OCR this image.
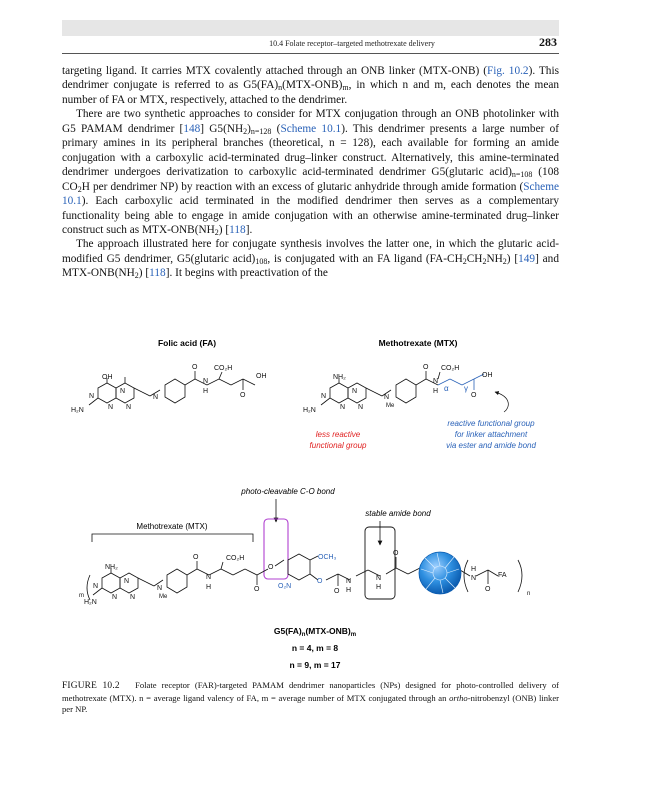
10.4 Folate receptor–targeted methotrexate delivery	283

targeting ligand. It carries MTX covalently attached through an ONB linker (MTX-ONB) (Fig. 10.2). This dendrimer conjugate is referred to as $G5(FA)_n(MTX-ONB)_m$, in which n and m, each denotes the mean number of FA or MTX, respectively, attached to the dendrimer.

There are two synthetic approaches to consider for MTX conjugation through an ONB photolinker with G5 PAMAM dendrimer [148] $G5(NH_2)_{n=128}$ (Scheme 10.1). This dendrimer presents a large number of primary amines in its peripheral branches (theoretical, n = 128), each available for forming an amide conjugation with a carboxylic acid-terminated drug–linker construct. Alternatively, this amine-terminated dendrimer undergoes derivatization to carboxylic acid-terminated dendrimer G5(glutaric $acid)_{n=108}$ (108 $CO_2H$ per dendrimer NP) by reaction with an excess of glutaric anhydride through amide formation (Scheme 10.1). Each carboxylic acid terminated in the modified dendrimer then serves as a complementary functionality being able to engage in amide conjugation with an otherwise amine-terminated drug–linker construct such as MTX-$ONB(NH_2)$ [118].

The approach illustrated here for conjugate synthesis involves the latter one, in which the glutaric acid-modified G5 dendrimer, G5(glutaric $acid)_{108}$, is conjugated with an FA ligand $(FA-CH_2CH_2NH_2)$ [149] and MTX-$ONB(NH_2)$ [118]. It begins with preactivation of the

Folic acid (FA)
OH
N
N
N N
H₂N
N
N
H
O CO₂H
OH
O
Methotrexate (MTX)
NH₂
N
N
N N
H₂N
N
Me
N
H
O CO₂H
OH
O
α γ
less reactive
functional group
reactive functional group
for linker attachment
via ester and amide bond
photo-cleavable C-O bond
stable amide bond
Methotrexate (MTX)
m
NH₂
N
N
N N
H₂N
N
Me
N
H
O	CO₂H
O
O
N
H
O
N
H
O
H
N	FA
O
n
OCH₃
O₂N
O
$G5(FA)_n(MTX-ONB)_m$
n = 4, m = 8
n = 9, m = 17
FIGURE 10.2 Folate receptor (FAR)-targeted PAMAM dendrimer nanoparticles (NPs) designed for photo-controlled delivery of methotrexate (MTX). n = average ligand valency of FA, m = average number of MTX conjugated through an ortho-nitrobenzyl (ONB) linker per NP.
